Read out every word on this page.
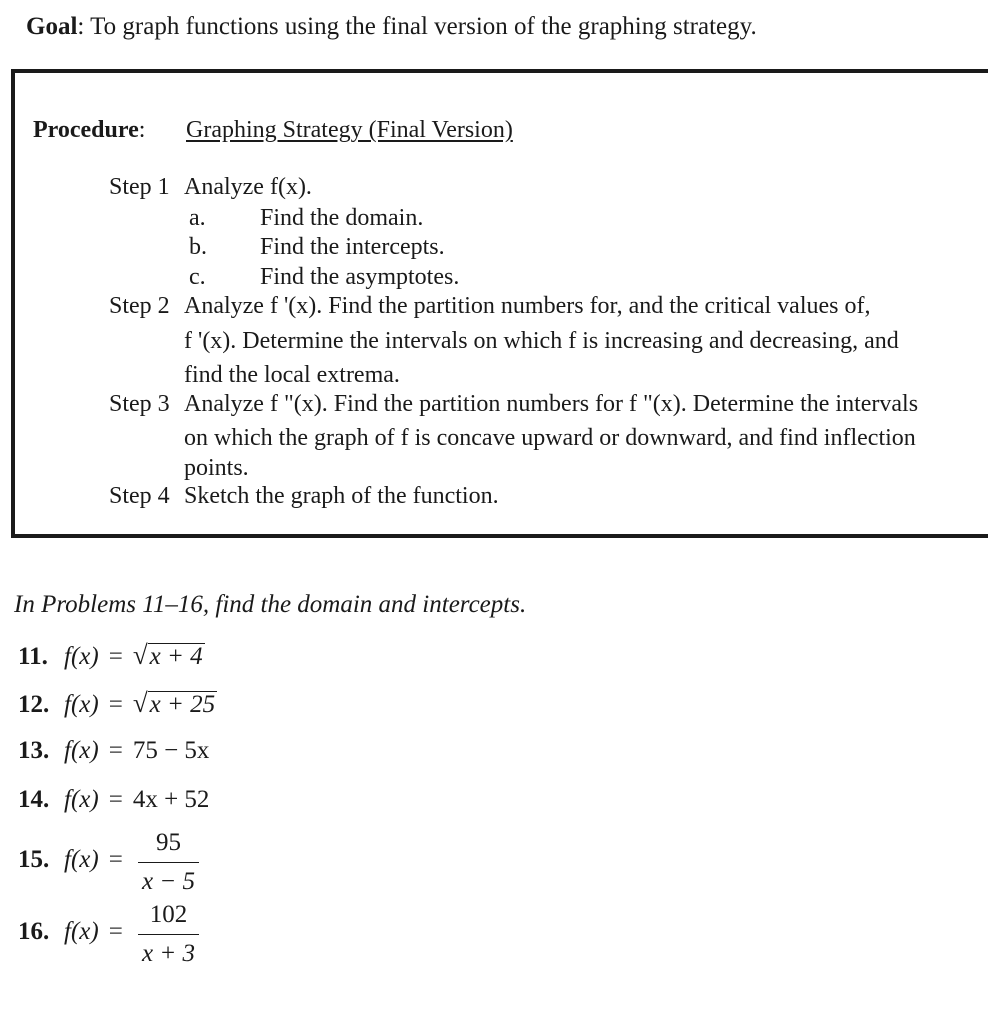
Goal: To graph functions using the final version of the graphing strategy.
Procedure: Graphing Strategy (Final Version)
Step 1 Analyze f(x).
a. Find the domain.
b. Find the intercepts.
c. Find the asymptotes.
Step 2 Analyze f '(x). Find the partition numbers for, and the critical values of,
f '(x). Determine the intervals on which f is increasing and decreasing, and
find the local extrema.
Step 3 Analyze f "(x). Find the partition numbers for f "(x). Determine the intervals
on which the graph of f is concave upward or downward, and find inflection
points.
Step 4 Sketch the graph of the function.
In Problems 11–16, find the domain and intercepts.
11. f(x) = √x + 4
12. f(x) = √x + 25
13. f(x) = 75 − 5x
14. f(x) = 4x + 52
15. f(x) =
95
x − 5
16. f(x) =
102
x + 3
